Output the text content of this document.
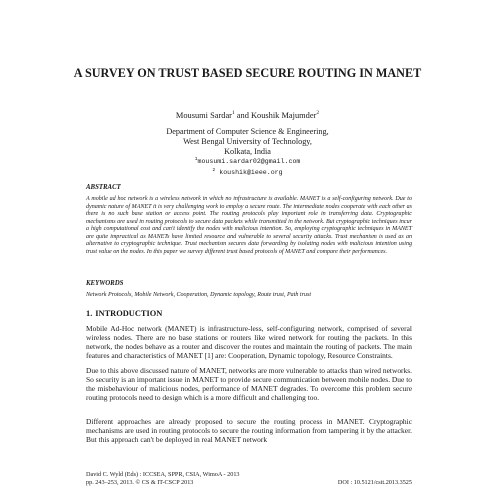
A SURVEY ON TRUST BASED SECURE ROUTING IN MANET
Mousumi Sardar$^1$ and Koushik Majumder$^2$
Department of Computer Science & Engineering,
West Bengal University of Technology,
Kolkata, India
$^1$mousumi.sardar02@gmail.com
$^2$ koushik@ieee.org
ABSTRACT
A mobile ad hoc network is a wireless network in which no infrastructure is available. MANET is a self-configuring network. Due to dynamic nature of MANET it is very challenging work to employ a secure route. The intermediate nodes cooperate with each other as there is no such base station or access point. The routing protocols play important role in transferring data. Cryptographic mechanisms are used in routing protocols to secure data packets while transmitted in the network. But cryptographic techniques incur a high computational cost and can't identify the nodes with malicious intention. So, employing cryptographic techniques in MANET are quite impractical as MANETs have limited resource and vulnerable to several security attacks. Trust mechanism is used as an alternative to cryptographic technique. Trust mechanism secures data forwarding by isolating nodes with malicious intention using trust value on the nodes. In this paper we survey different trust based protocols of MANET and compare their performances.
KEYWORDS
Network Protocols, Mobile Network, Cooperation, Dynamic topology, Route trust, Path trust
1. INTRODUCTION
Mobile Ad-Hoc network (MANET) is infrastructure-less, self-configuring network, comprised of several wireless nodes. There are no base stations or routers like wired network for routing the packets. In this network, the nodes behave as a router and discover the routes and maintain the routing of packets. The main features and characteristics of MANET [1] are: Cooperation, Dynamic topology, Resource Constraints.
Due to this above discussed nature of MANET, networks are more vulnerable to attacks than wired networks. So security is an important issue in MANET to provide secure communication between mobile nodes. Due to the misbehaviour of malicious nodes, performance of MANET degrades. To overcome this problem secure routing protocols need to design which is a more difficult and challenging too.
Different approaches are already proposed to secure the routing process in MANET. Cryptographic mechanisms are used in routing protocols to secure the routing information from tampering it by the attacker. But this approach can't be deployed in real MANET network
David C. Wyld (Eds) : ICCSEA, SPPR, CSIA, WimoA - 2013
pp. 243–253, 2013. © CS & IT-CSCP 2013	DOI : 10.5121/csit.2013.3525
